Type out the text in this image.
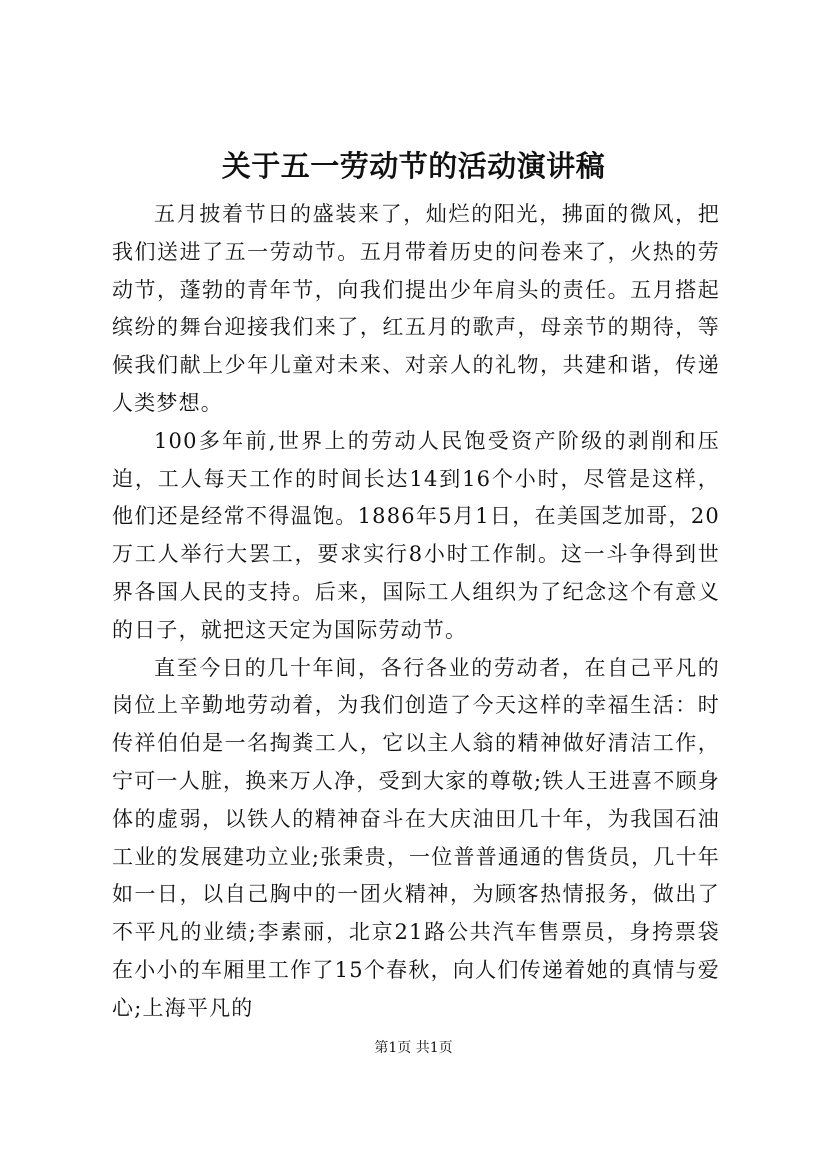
关于五一劳动节的活动演讲稿

五月披着节日的盛装来了，灿烂的阳光，拂面的微风，把我们送进了五一劳动节。五月带着历史的问卷来了，火热的劳动节，蓬勃的青年节，向我们提出少年肩头的责任。五月搭起缤纷的舞台迎接我们来了，红五月的歌声，母亲节的期待，等候我们献上少年儿童对未来、对亲人的礼物，共建和谐，传递人类梦想。

100多年前,世界上的劳动人民饱受资产阶级的剥削和压迫，工人每天工作的时间长达14到16个小时，尽管是这样，他们还是经常不得温饱。1886年5月1日，在美国芝加哥，20万工人举行大罢工，要求实行8小时工作制。这一斗争得到世界各国人民的支持。后来，国际工人组织为了纪念这个有意义的日子，就把这天定为国际劳动节。

直至今日的几十年间，各行各业的劳动者，在自己平凡的岗位上辛勤地劳动着，为我们创造了今天这样的幸福生活：时传祥伯伯是一名掏粪工人，它以主人翁的精神做好清洁工作，宁可一人脏，换来万人净，受到大家的尊敬;铁人王进喜不顾身体的虚弱，以铁人的精神奋斗在大庆油田几十年，为我国石油工业的发展建功立业;张秉贵，一位普普通通的售货员，几十年如一日，以自己胸中的一团火精神，为顾客热情报务，做出了不平凡的业绩;李素丽，北京21路公共汽车售票员，身挎票袋在小小的车厢里工作了15个春秋，向人们传递着她的真情与爱心;上海平凡的

第1页 共1页
